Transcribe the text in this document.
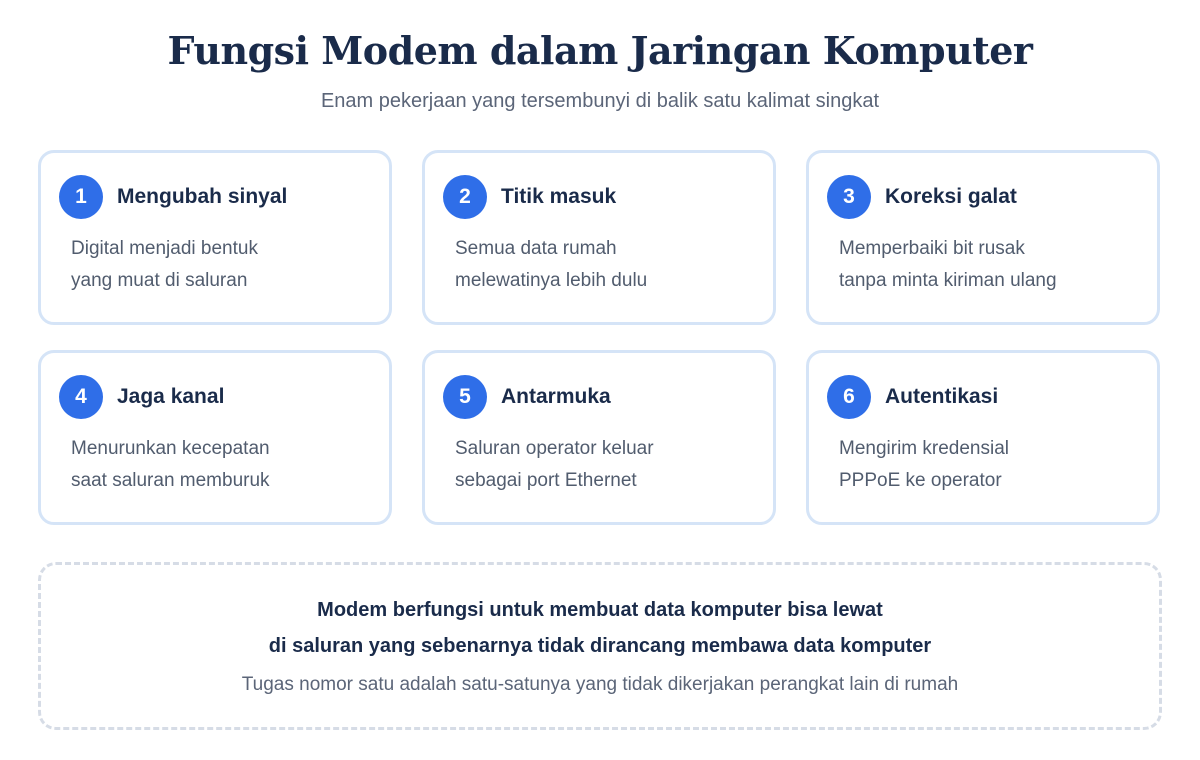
Fungsi Modem dalam Jaringan Komputer
Enam pekerjaan yang tersembunyi di balik satu kalimat singkat
1	Mengubah sinyal
Digital menjadi bentuk
yang muat di saluran
2	Titik masuk
Semua data rumah
melewatinya lebih dulu
3	Koreksi galat
Memperbaiki bit rusak
tanpa minta kiriman ulang
4	Jaga kanal
Menurunkan kecepatan
saat saluran memburuk
5	Antarmuka
Saluran operator keluar
sebagai port Ethernet
6	Autentikasi
Mengirim kredensial
PPPoE ke operator
Modem berfungsi untuk membuat data komputer bisa lewat
di saluran yang sebenarnya tidak dirancang membawa data komputer
Tugas nomor satu adalah satu-satunya yang tidak dikerjakan perangkat lain di rumah
